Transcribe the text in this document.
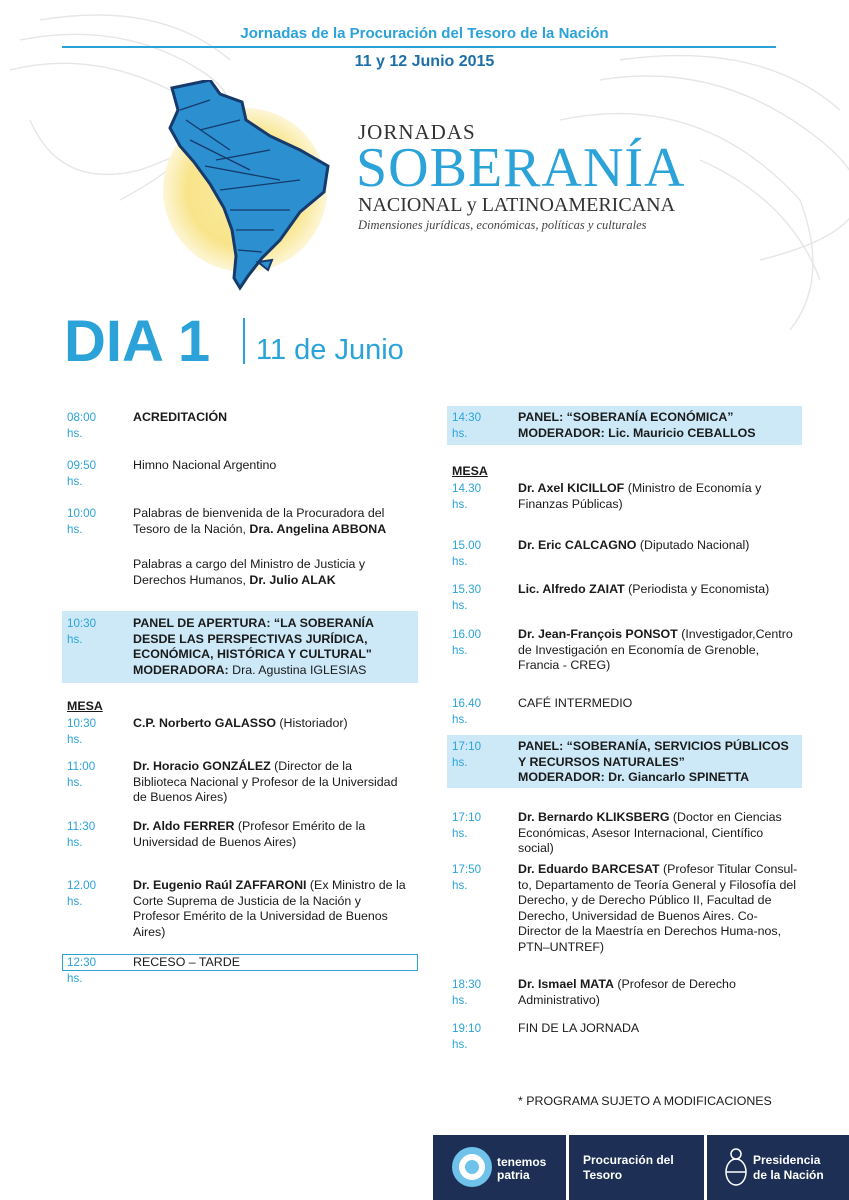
Jornadas de la Procuración del Tesoro de la Nación
11 y 12 Junio 2015
JORNADAS
SOBERANÍA
NACIONAL y LATINOAMERICANA
Dimensiones jurídicas, económicas, políticas y culturales
DIA 1 11 de Junio
08:00 hs.
ACREDITACIÓN
09:50 hs.
Himno Nacional Argentino
10:00 hs.
Palabras de bienvenida de la Procuradora del Tesoro de la Nación, Dra. Angelina ABBONA
Palabras a cargo del Ministro de Justicia y Derechos Humanos, Dr. Julio ALAK
10:30 hs.
PANEL DE APERTURA: “LA SOBERANÍA DESDE LAS PERSPECTIVAS JURÍDICA, ECONÓMICA, HISTÓRICA Y CULTURAL"
MODERADORA: Dra. Agustina IGLESIAS
MESA
10:30 hs.
C.P. Norberto GALASSO (Historiador)
11:00 hs.
Dr. Horacio GONZÁLEZ (Director de la Biblioteca Nacional y Profesor de la Universidad de Buenos Aires)
11:30 hs.
Dr. Aldo FERRER (Profesor Emérito de la Universidad de Buenos Aires)
12.00 hs.
Dr. Eugenio Raúl ZAFFARONI (Ex Ministro de la Corte Suprema de Justicia de la Nación y Profesor Emérito de la Universidad de Buenos Aires)
12:30 hs.
RECESO – TARDE
14:30 hs.
PANEL: “SOBERANÍA ECONÓMICA”
MODERADOR: Lic. Mauricio CEBALLOS
MESA
14.30 hs.
Dr. Axel KICILLOF (Ministro de Economía y Finanzas Públicas)
15.00 hs.
Dr. Eric CALCAGNO (Diputado Nacional)
15.30 hs.
Lic. Alfredo ZAIAT (Periodista y Economista)
16.00 hs.
Dr. Jean-François PONSOT (Investigador,Centro de Investigación en Economía de Grenoble, Francia - CREG)
16.40 hs.
CAFÉ INTERMEDIO
17:10 hs.
PANEL: “SOBERANÍA, SERVICIOS PÚBLICOS Y RECURSOS NATURALES”
MODERADOR: Dr. Giancarlo SPINETTA
17:10 hs.
Dr. Bernardo KLIKSBERG (Doctor en Ciencias Económicas, Asesor Internacional, Científico social)
17:50 hs.
Dr. Eduardo BARCESAT (Profesor Titular Consul-to, Departamento de Teoría General y Filosofía del Derecho, y de Derecho Público II, Facultad de Derecho, Universidad de Buenos Aires. Co-Director de la Maestría en Derechos Huma-nos, PTN–UNTREF)
18:30 hs.
Dr. Ismael MATA (Profesor de Derecho Administrativo)
19:10 hs.
FIN DE LA JORNADA
* PROGRAMA SUJETO A MODIFICACIONES
tenemos
patria
Procuración del
Tesoro
Presidencia
de la Nación
